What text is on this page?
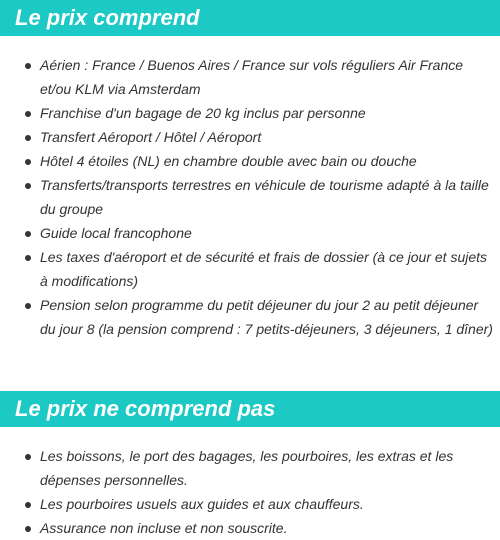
Le prix comprend
Aérien : France / Buenos Aires / France sur vols réguliers Air France et/ou KLM via Amsterdam
Franchise d'un bagage de 20 kg inclus par personne
Transfert Aéroport / Hôtel / Aéroport
Hôtel 4 étoiles (NL) en chambre double avec bain ou douche
Transferts/transports terrestres en véhicule de tourisme adapté à la taille du groupe
Guide local francophone
Les taxes d'aéroport et de sécurité et frais de dossier (à ce jour et sujets à modifications)
Pension selon programme du petit déjeuner du jour 2 au petit déjeuner du jour 8 (la pension comprend : 7 petits-déjeuners, 3 déjeuners, 1 dîner)
Le prix ne comprend pas
Les boissons, le port des bagages, les pourboires, les extras et les dépenses personnelles.
Les pourboires usuels aux guides et aux chauffeurs.
Assurance non incluse et non souscrite.
